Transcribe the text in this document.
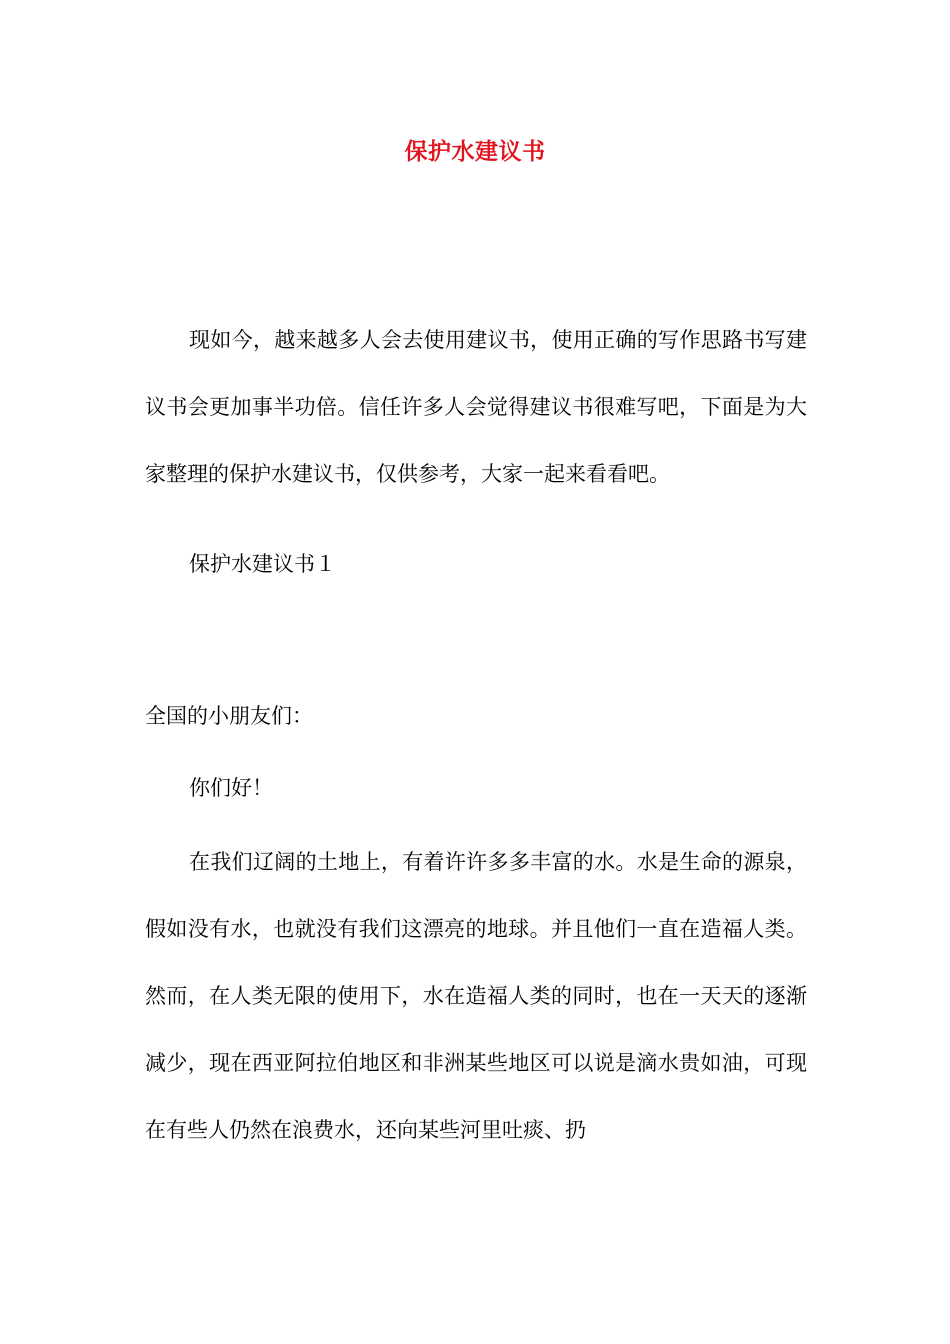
保护水建议书

现如今，越来越多人会去使用建议书，使用正确的写作思路书写建议书会更加事半功倍。信任许多人会觉得建议书很难写吧，下面是为大家整理的保护水建议书，仅供参考，大家一起来看看吧。

保护水建议书１

全国的小朋友们：

你们好！

在我们辽阔的土地上，有着许许多多丰富的水。水是生命的源泉，假如没有水，也就没有我们这漂亮的地球。并且他们一直在造福人类。 然而，在人类无限的使用下，水在造福人类的同时，也在一天天的逐渐减少，现在西亚阿拉伯地区和非洲某些地区可以说是滴水贵如油，可现在有些人仍然在浪费水，还向某些河里吐痰、扔
